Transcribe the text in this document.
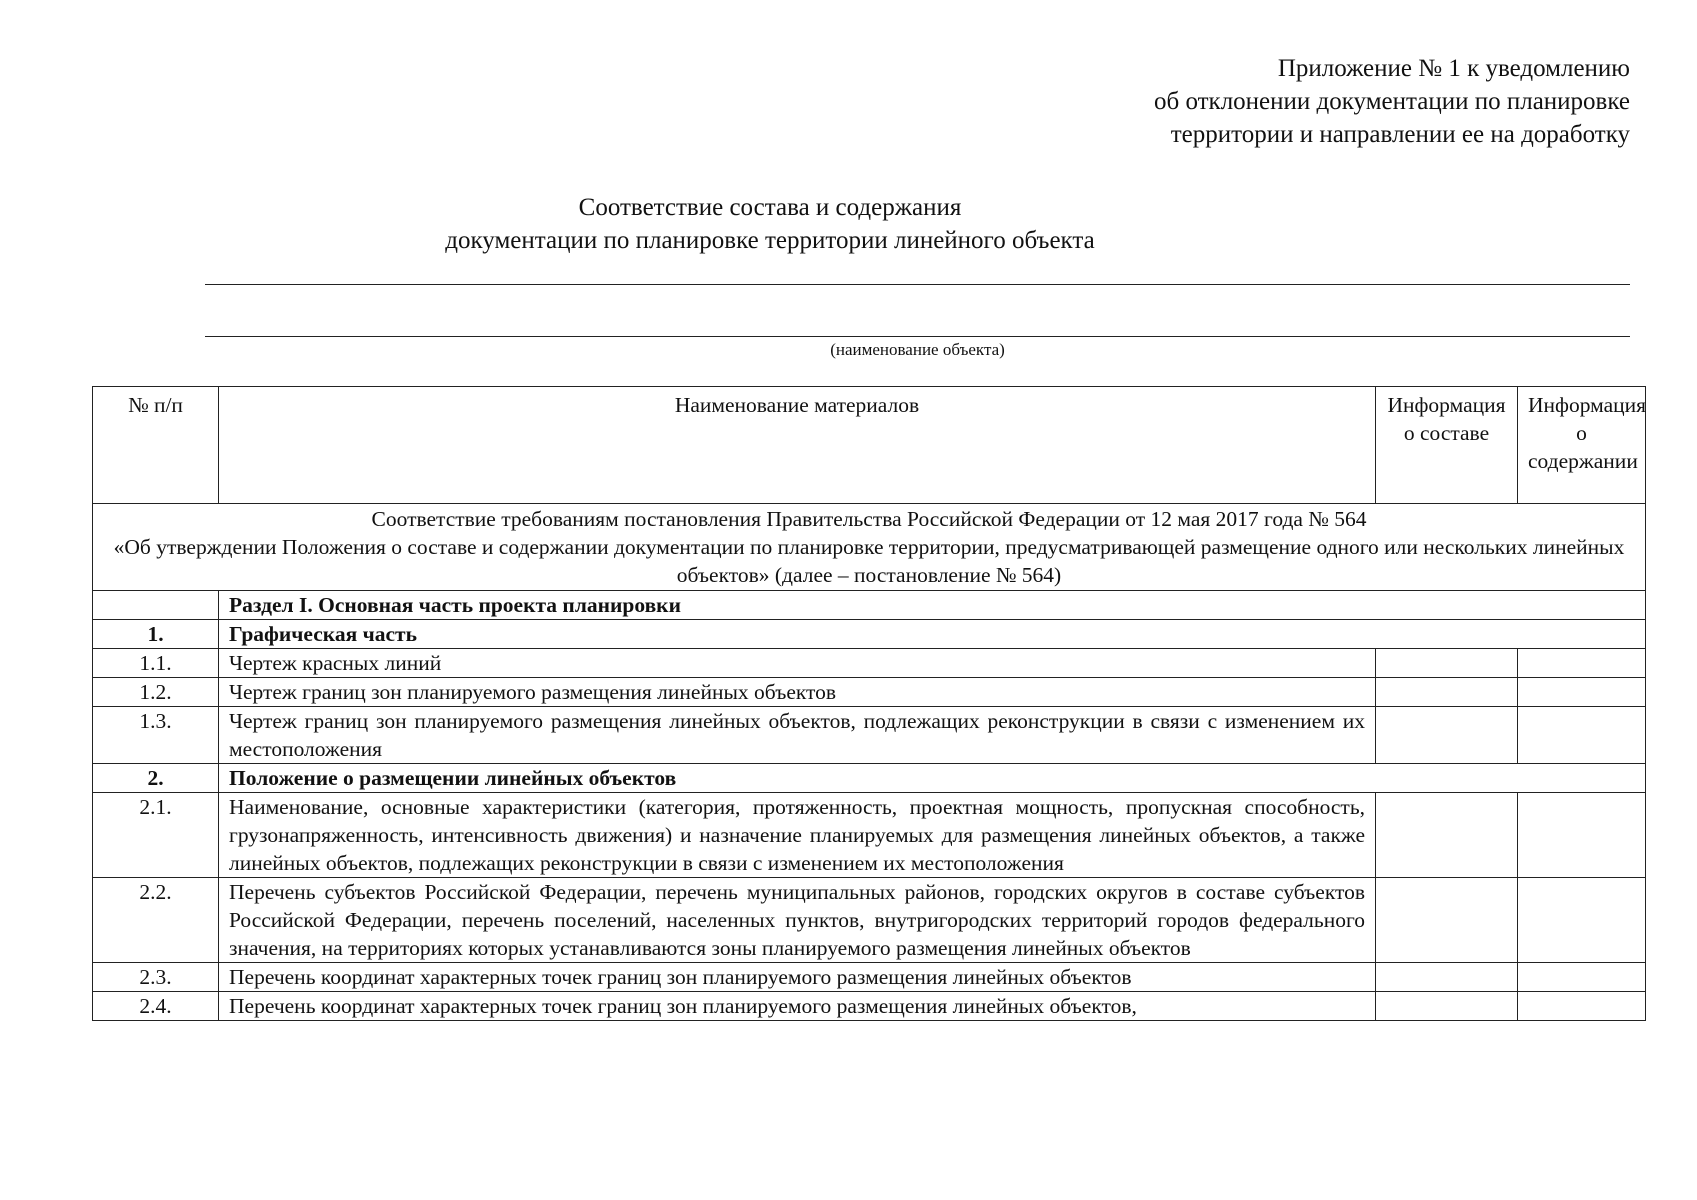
Приложение № 1 к уведомлению
об отклонении документации по планировке
территории и направлении ее на доработку
Соответствие состава и содержания
документации по планировке территории линейного объекта
(наименование объекта)
№ п/п	Наименование материалов	Информация о составе	Информация о содержании

Соответствие требованиям постановления Правительства Российской Федерации от 12 мая 2017 года № 564
«Об утверждении Положения о составе и содержании документации по планировке территории, предусматривающей размещение одного или нескольких линейных объектов» (далее – постановление № 564)			

	Раздел I. Основная часть проекта планировки		
1.	Графическая часть		
1.1.	Чертеж красных линий		
1.2.	Чертеж границ зон планируемого размещения линейных объектов		
1.3.	Чертеж границ зон планируемого размещения линейных объектов, подлежащих реконструкции в связи с изменением их местоположения		
2.	Положение о размещении линейных объектов		
2.1.	Наименование, основные характеристики (категория, протяженность, проектная мощность, пропускная способность, грузонапряженность, интенсивность движения) и назначение планируемых для размещения линейных объектов, а также линейных объектов, подлежащих реконструкции в связи с изменением их местоположения		
2.2.	Перечень субъектов Российской Федерации, перечень муниципальных районов, городских округов в составе субъектов Российской Федерации, перечень поселений, населенных пунктов, внутригородских территорий городов федерального значения, на территориях которых устанавливаются зоны планируемого размещения линейных объектов		
2.3.	Перечень координат характерных точек границ зон планируемого размещения линейных объектов		
2.4.	Перечень координат характерных точек границ зон планируемого размещения линейных объектов,		
